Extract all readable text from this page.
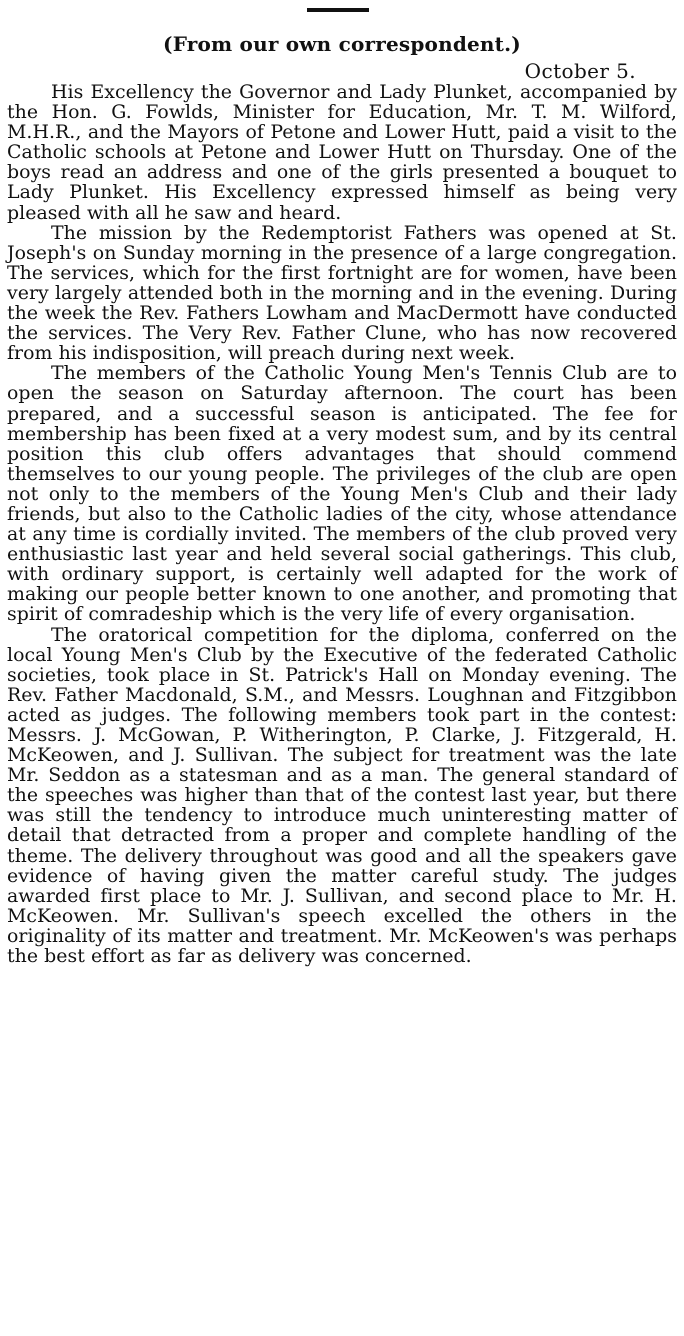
(From our own correspondent.)
October 5.

His Excellency the Governor and Lady Plunket, accompanied by the Hon. G. Fowlds, Minister for Education, Mr. T. M. Wilford, M.H.R., and the Mayors of Petone and Lower Hutt, paid a visit to the Catholic schools at Petone and Lower Hutt on Thursday. One of the boys read an address and one of the girls presented a bouquet to Lady Plunket. His Excellency expressed himself as being very pleased with all he saw and heard.

The mission by the Redemptorist Fathers was opened at St. Joseph's on Sunday morning in the presence of a large congregation. The services, which for the first fortnight are for women, have been very largely attended both in the morning and in the evening. During the week the Rev. Fathers Lowham and MacDermott have conducted the services. The Very Rev. Father Clune, who has now recovered from his indisposition, will preach during next week.

The members of the Catholic Young Men's Tennis Club are to open the season on Saturday afternoon. The court has been prepared, and a successful season is anticipated. The fee for membership has been fixed at a very modest sum, and by its central position this club offers advantages that should commend themselves to our young people. The privileges of the club are open not only to the members of the Young Men's Club and their lady friends, but also to the Catholic ladies of the city, whose attendance at any time is cordially invited. The members of the club proved very enthusiastic last year and held several social gatherings. This club, with ordinary support, is certainly well adapted for the work of making our people better known to one another, and promoting that spirit of comradeship which is the very life of every organisation.

The oratorical competition for the diploma, conferred on the local Young Men's Club by the Executive of the federated Catholic societies, took place in St. Patrick's Hall on Monday evening. The Rev. Father Macdonald, S.M., and Messrs. Loughnan and Fitzgibbon acted as judges. The following members took part in the contest: Messrs. J. McGowan, P. Witherington, P. Clarke, J. Fitzgerald, H. McKeowen, and J. Sullivan. The subject for treatment was the late Mr. Seddon as a statesman and as a man. The general standard of the speeches was higher than that of the contest last year, but there was still the tendency to introduce much uninteresting matter of detail that detracted from a proper and complete handling of the theme. The delivery throughout was good and all the speakers gave evidence of having given the matter careful study. The judges awarded first place to Mr. J. Sullivan, and second place to Mr. H. McKeowen. Mr. Sullivan's speech excelled the others in the originality of its matter and treatment. Mr. McKeowen's was perhaps the best effort as far as delivery was concerned.
